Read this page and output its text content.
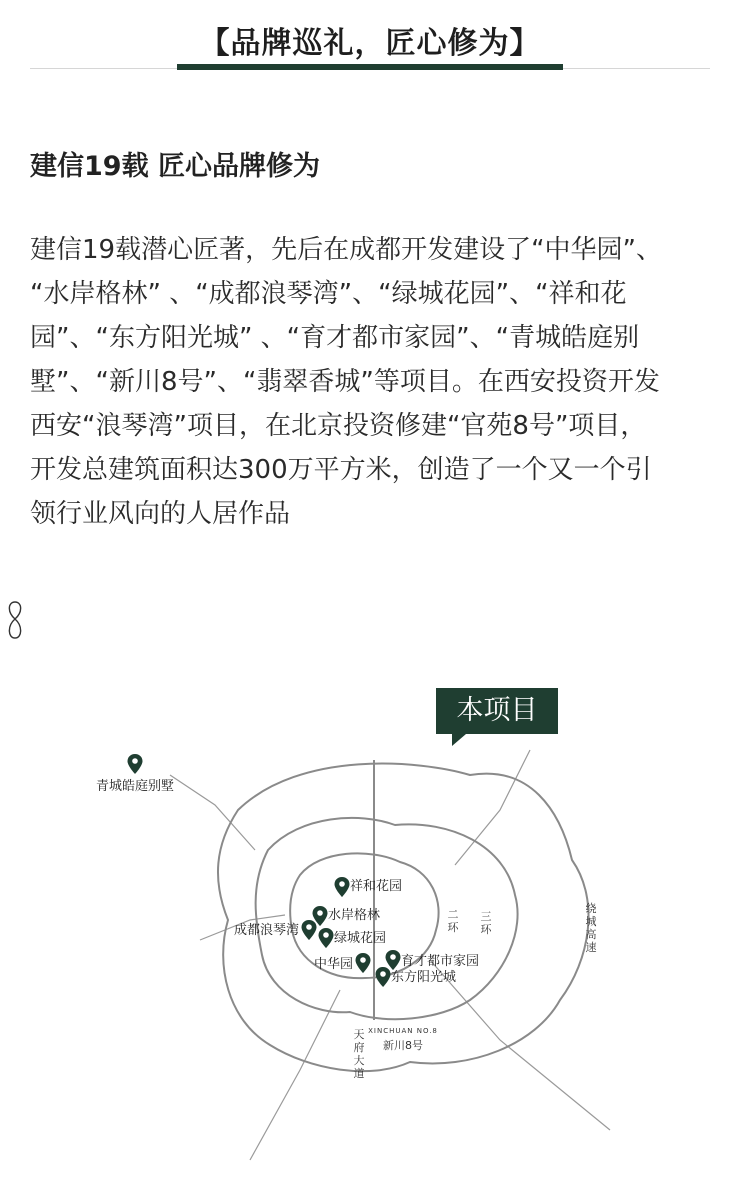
【品牌巡礼，匠心修为】
建信19载 匠心品牌修为
建信19载潜心匠著，先后在成都开发建设了“中华园”、
“水岸格林” 、“成都浪琴湾”、“绿城花园”、“祥和花
园”、“东方阳光城” 、“育才都市家园”、“青城皓庭别
墅”、“新川8号”、“翡翠香城”等项目。在西安投资开发
西安“浪琴湾”项目，在北京投资修建“官苑8号”项目，
开发总建筑面积达300万平方米，创造了一个又一个引
领行业风向的人居作品
本项目
青城皓庭别墅
祥和花园
水岸格林
成都浪琴湾
绿城花园
中华园	育才都市家园
东方阳光城
二环
三环
绕城高速
天府大道
XINCHUAN NO.8
新川8号
